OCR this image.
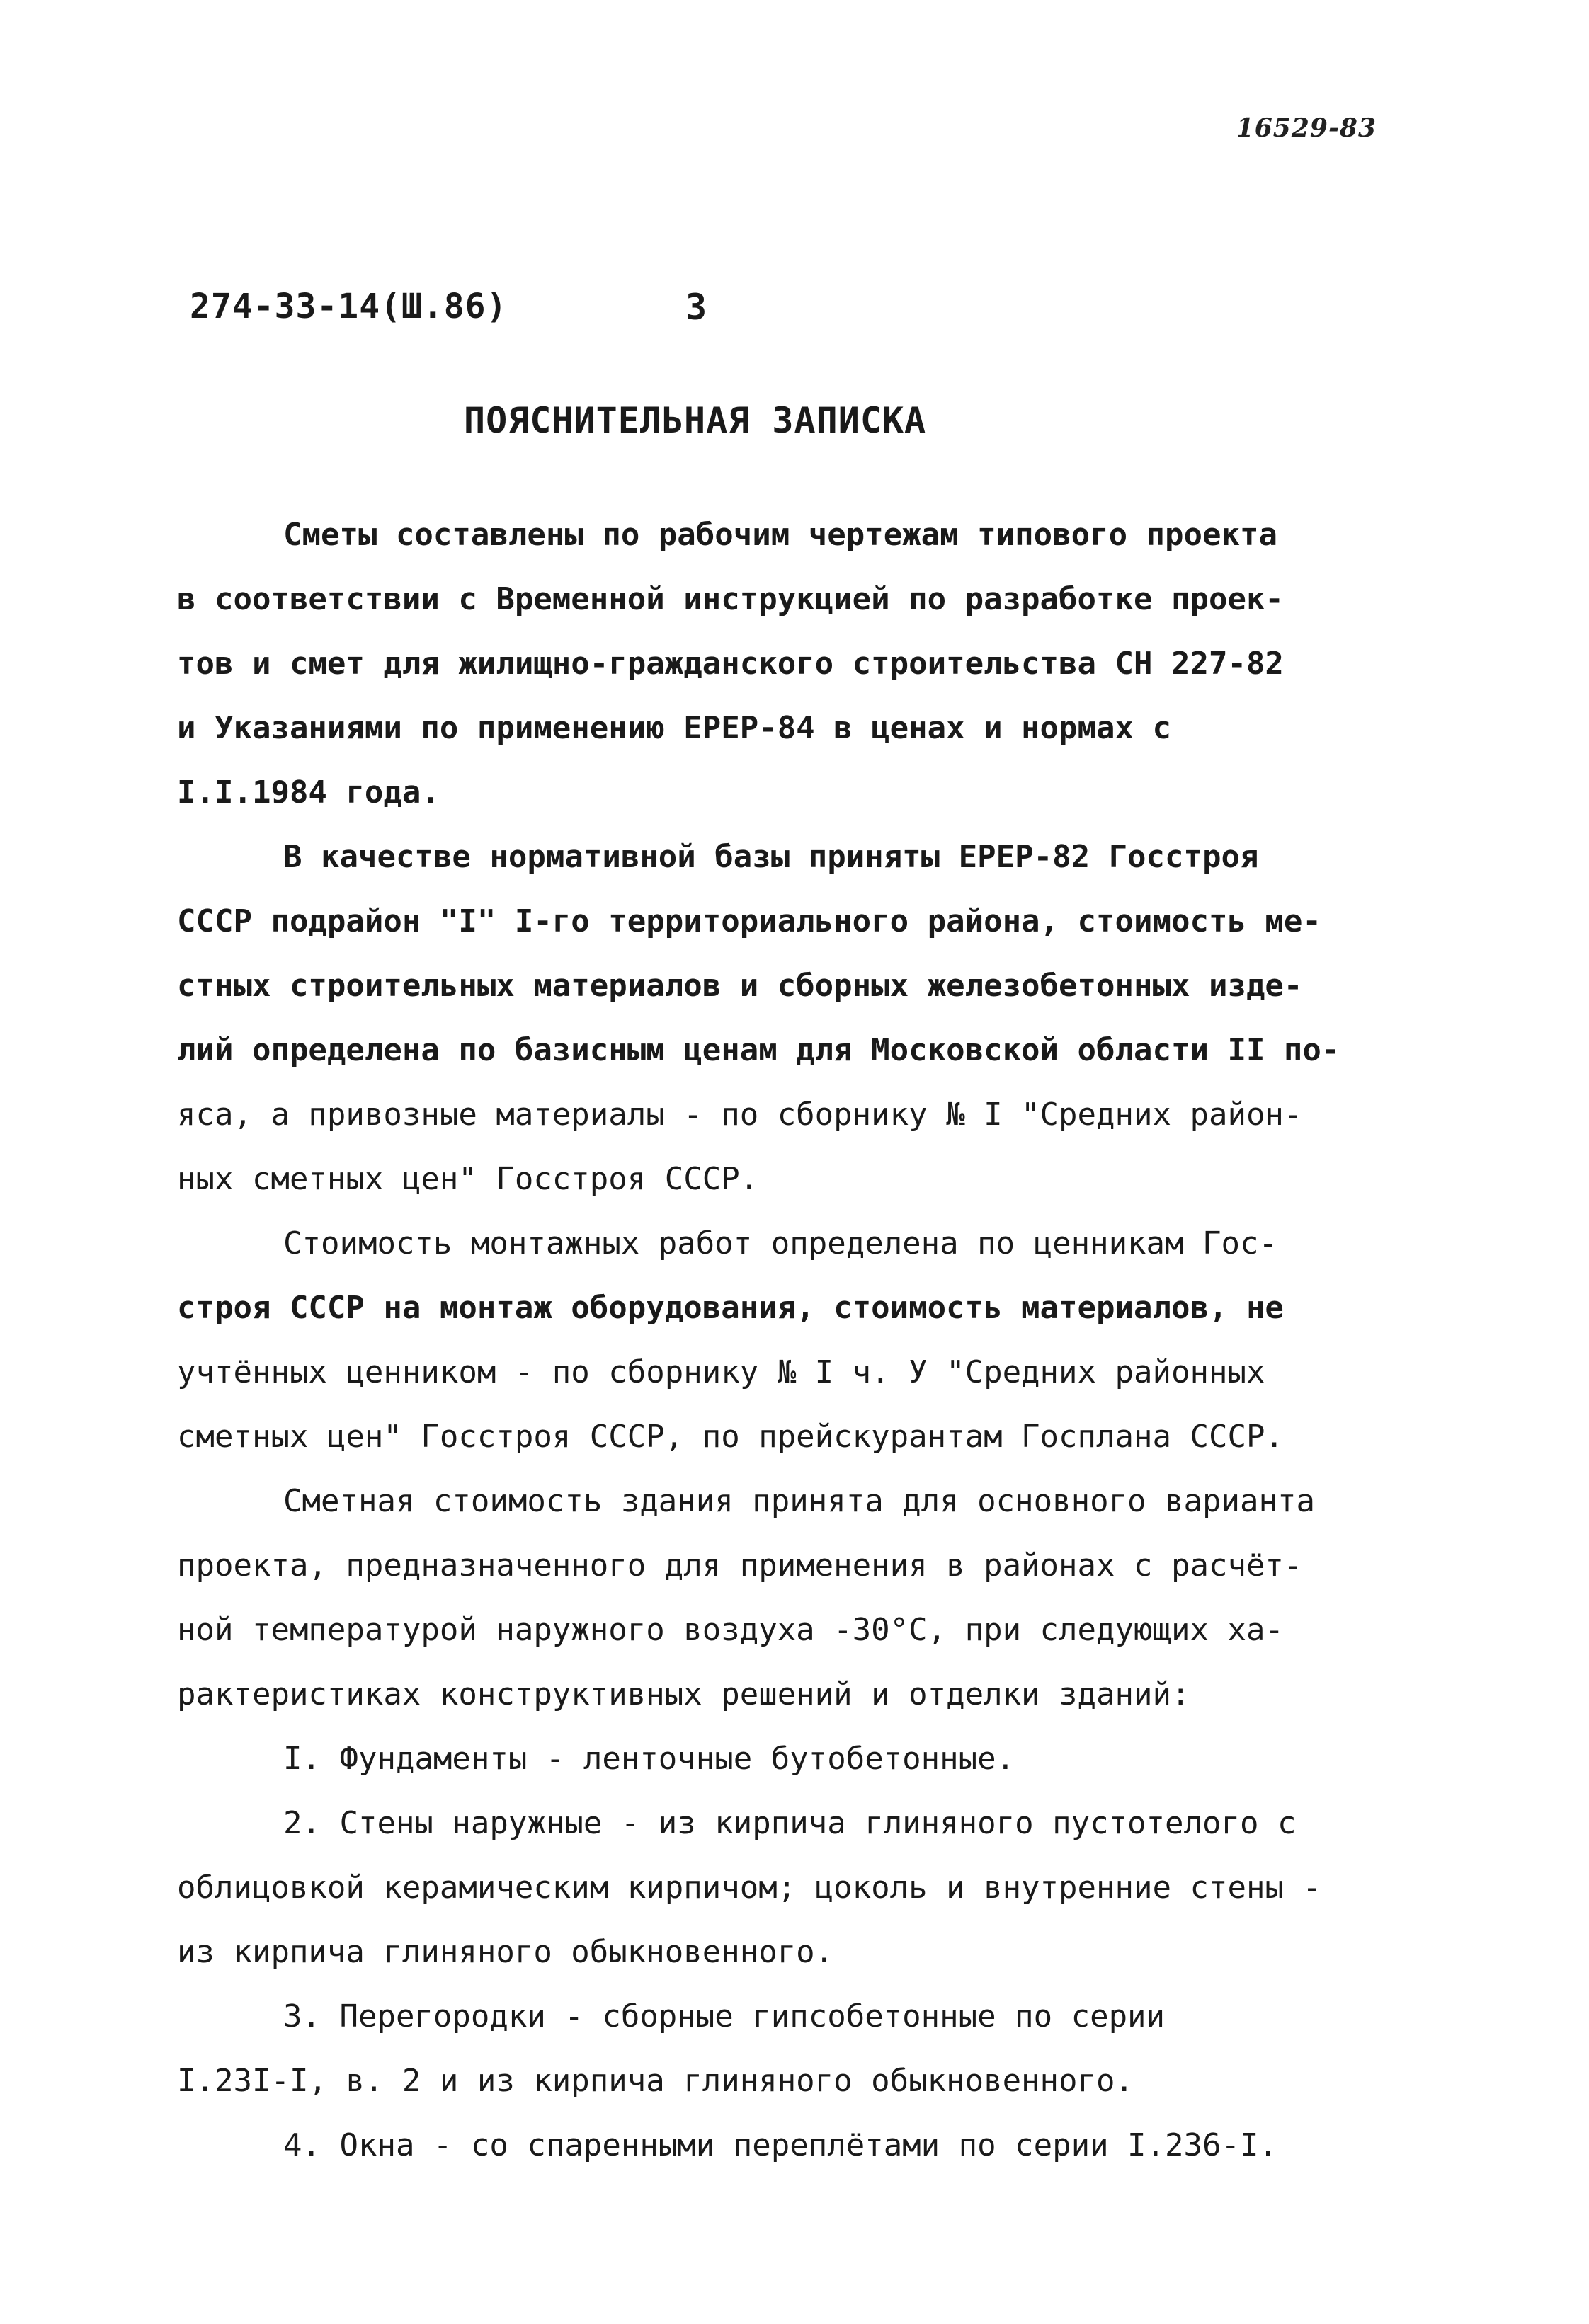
16529-83
274-33-14(Ш.86)	3
ПОЯСНИТЕЛЬНАЯ ЗАПИСКА
Сметы составлены по рабочим чертежам типового проекта
в соответствии с Временной инструкцией по разработке проек-
тов и смет для жилищно-гражданского строительства СН 227-82
и Указаниями по применению ЕРЕР-84 в ценах и нормах с
I.I.1984 года.
В качестве нормативной базы приняты ЕРЕР-82 Госстроя
СССР подрайон "I" I-го территориального района, стоимость ме-
стных строительных материалов и сборных железобетонных изде-
лий определена по базисным ценам для Московской области II по-
яса, а привозные материалы - по сборнику № I "Средних район-
ных сметных цен" Госстроя СССР.
Стоимость монтажных работ определена по ценникам Гос-
строя СССР на монтаж оборудования, стоимость материалов, не
учтённых ценником - по сборнику № I ч. У "Средних районных
сметных цен" Госстроя СССР, по прейскурантам Госплана СССР.
Сметная стоимость здания принята для основного варианта
проекта, предназначенного для применения в районах с расчёт-
ной температурой наружного воздуха -30°С, при следующих ха-
рактеристиках конструктивных решений и отделки зданий:
I. Фундаменты - ленточные бутобетонные.
2. Стены наружные - из кирпича глиняного пустотелого с
облицовкой керамическим кирпичом; цоколь и внутренние стены -
из кирпича глиняного обыкновенного.
3. Перегородки - сборные гипсобетонные по серии
I.23I-I, в. 2 и из кирпича глиняного обыкновенного.
4. Окна - со спаренными переплётами по серии I.236-I.
